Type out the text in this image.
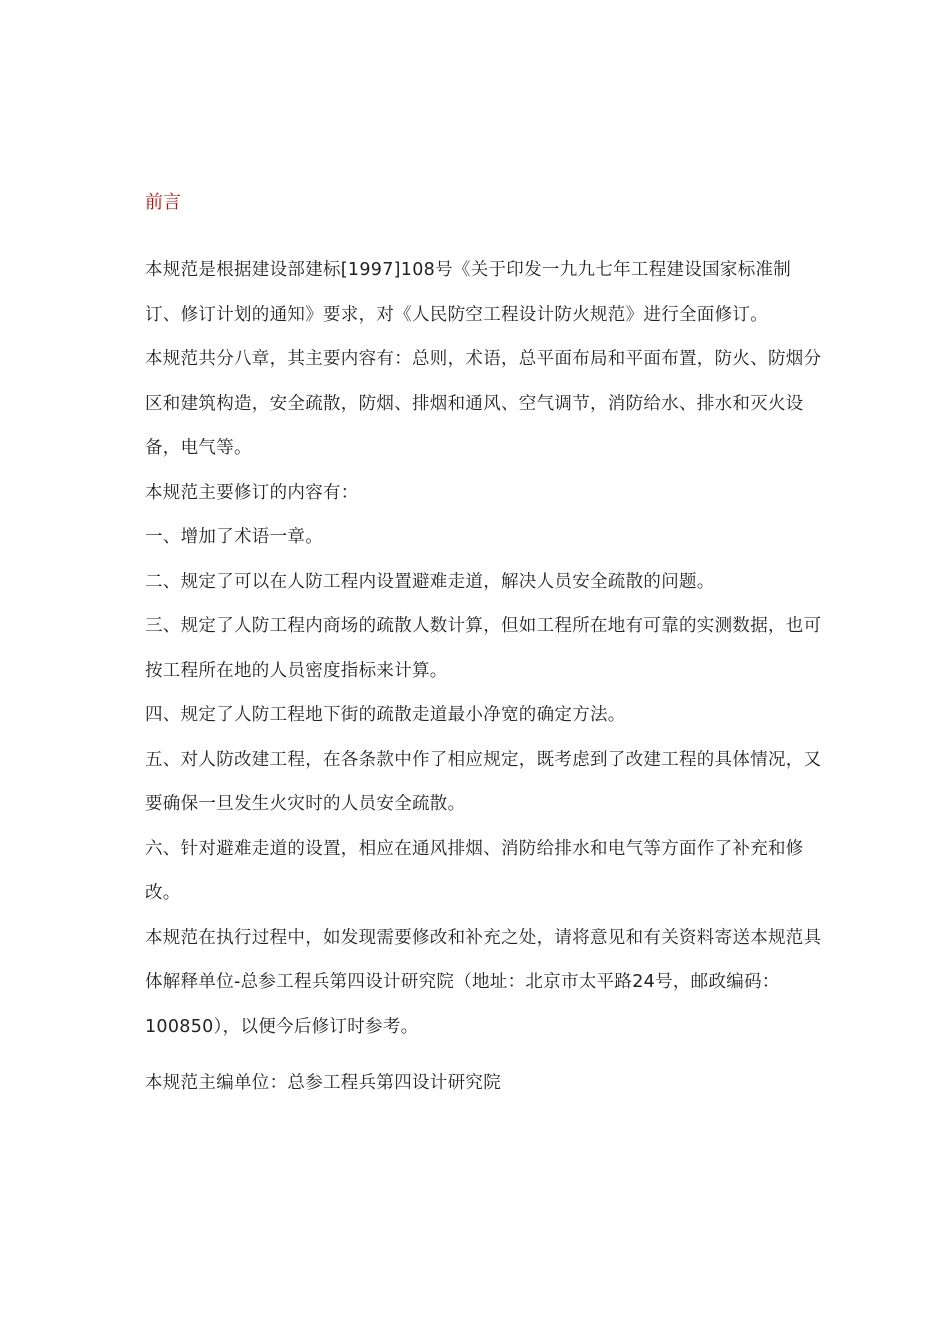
前言

本规范是根据建设部建标[1997]108号《关于印发一九九七年工程建设国家标准制订、修订计划的通知》要求，对《人民防空工程设计防火规范》进行全面修订。

本规范共分八章，其主要内容有：总则，术语，总平面布局和平面布置，防火、防烟分区和建筑构造，安全疏散，防烟、排烟和通风、空气调节，消防给水、排水和灭火设备，电气等。

本规范主要修订的内容有：

一、增加了术语一章。

二、规定了可以在人防工程内设置避难走道，解决人员安全疏散的问题。

三、规定了人防工程内商场的疏散人数计算，但如工程所在地有可靠的实测数据，也可按工程所在地的人员密度指标来计算。

四、规定了人防工程地下街的疏散走道最小净宽的确定方法。

五、对人防改建工程，在各条款中作了相应规定，既考虑到了改建工程的具体情况，又要确保一旦发生火灾时的人员安全疏散。

六、针对避难走道的设置，相应在通风排烟、消防给排水和电气等方面作了补充和修改。

本规范在执行过程中，如发现需要修改和补充之处，请将意见和有关资料寄送本规范具体解释单位-总参工程兵第四设计研究院（地址：北京市太平路24号，邮政编码：100850），以便今后修订时参考。

本规范主编单位：总参工程兵第四设计研究院
